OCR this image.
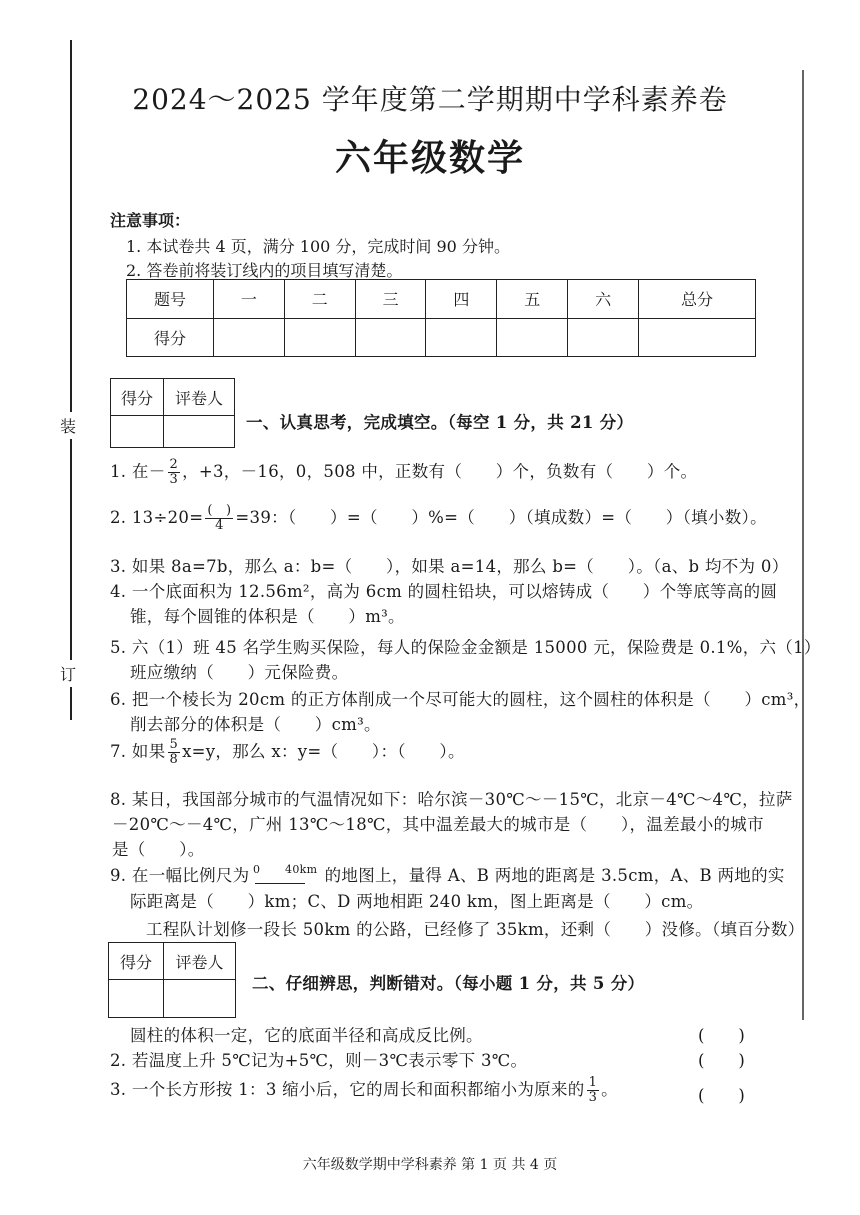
装
订
2024～2025 学年度第二学期期中学科素养卷
六年级数学
注意事项：
1. 本试卷共 4 页，满分 100 分，完成时间 90 分钟。
2. 答卷前将装订线内的项目填写清楚。
题号	一	二	三	四	五	六	总分
得分							
得分	评卷人

一、认真思考，完成填空。（每空 1 分，共 21 分）
1. 在－ $\frac{2}{3}$ ，+3，－16，0，508 中，正数有（　　）个，负数有（　　）个。
2. $13\div 20= \frac{( )}{4} =39$：（　　）=（　　）%=（　　）（填成数）=（　　）（填小数）。
3. 如果 8a=7b，那么 a：b=（　　），如果 a=14，那么 b=（　　）。（a、b 均不为 0）
4. 一个底面积为 12.56m²，高为 6cm 的圆柱铅块，可以熔铸成（　　）个等底等高的圆
锥，每个圆锥的体积是（　　）m³。
5. 六（1）班 45 名学生购买保险，每人的保险金金额是 15000 元，保险费是 0.1%，六（1）
班应缴纳（　　）元保险费。
6. 把一个棱长为 20cm 的正方体削成一个尽可能大的圆柱，这个圆柱的体积是（　　）cm³，
削去部分的体积是（　　）cm³。
7. 如果 $\frac{5}{8} x=y$，那么 x：y=（　　）：（　　）。
8. 某日，我国部分城市的气温情况如下：哈尔滨－30℃～－15℃，北京－4℃～4℃，拉萨
－20℃～－4℃，广州 13℃～18℃，其中温差最大的城市是（　　），温差最小的城市
是（　　）。
9. 在一幅比例尺为 0 40km 的地图上，量得 A、B 两地的距离是 3.5cm，A、B 两地的实
际距离是（　　）km；C、D 两地相距 240 km，图上距离是（　　）cm。
工程队计划修一段长 50km 的公路，已经修了 35km，还剩（　　）没修。（填百分数）
得分	评卷人

二、仔细辨思，判断错对。（每小题 1 分，共 5 分）
圆柱的体积一定，它的底面半径和高成反比例。	(　　)
2. 若温度上升 5℃记为+5℃，则－3℃表示零下 3℃。	(　　)
3. 一个长方形按 1：3 缩小后，它的周长和面积都缩小为原来的 $\frac{1}{3}$ 。	(　　)
六年级数学期中学科素养 第 1 页 共 4 页
